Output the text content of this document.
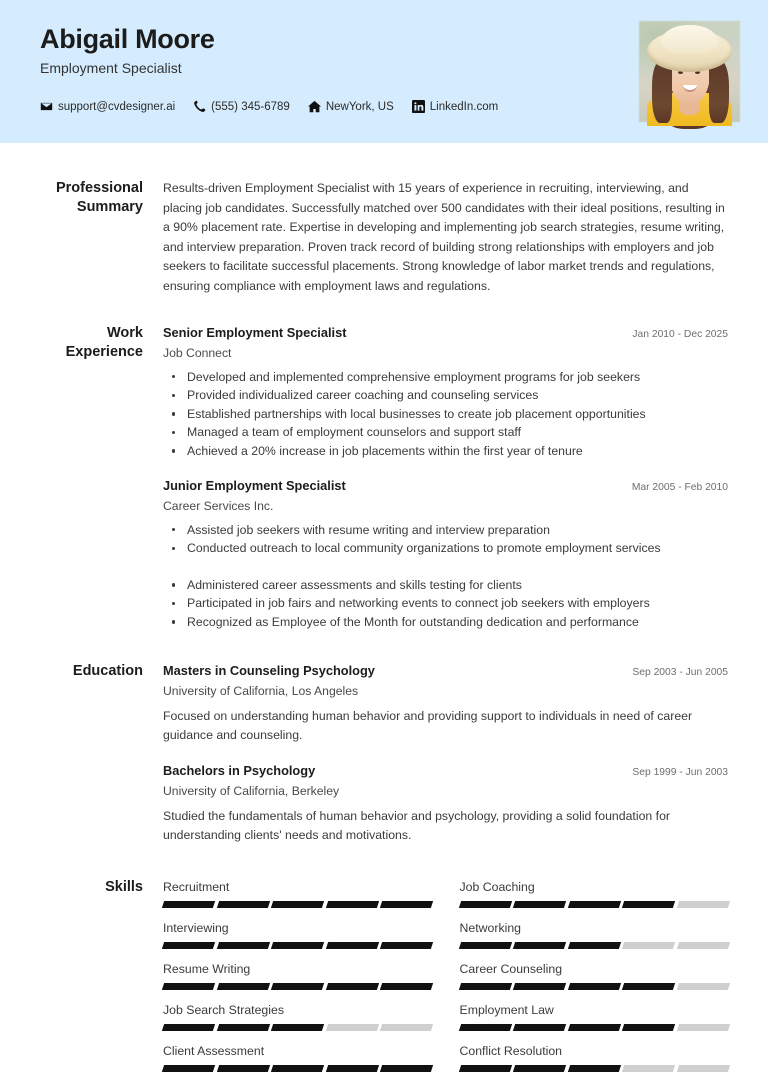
Abigail Moore
Employment Specialist
support@cvdesigner.ai	(555) 345-6789	NewYork, US	LinkedIn.com
Professional Summary
Results-driven Employment Specialist with 15 years of experience in recruiting, interviewing, and placing job candidates. Successfully matched over 500 candidates with their ideal positions, resulting in a 90% placement rate. Expertise in developing and implementing job search strategies, resume writing, and interview preparation. Proven track record of building strong relationships with employers and job seekers to facilitate successful placements. Strong knowledge of labor market trends and regulations, ensuring compliance with employment laws and regulations.
Work Experience
Senior Employment Specialist	Jan 2010 - Dec 2025
Job Connect
Developed and implemented comprehensive employment programs for job seekers
Provided individualized career coaching and counseling services
Established partnerships with local businesses to create job placement opportunities
Managed a team of employment counselors and support staff
Achieved a 20% increase in job placements within the first year of tenure
Junior Employment Specialist	Mar 2005 - Feb 2010
Career Services Inc.
Assisted job seekers with resume writing and interview preparation
Conducted outreach to local community organizations to promote employment services
Administered career assessments and skills testing for clients
Participated in job fairs and networking events to connect job seekers with employers
Recognized as Employee of the Month for outstanding dedication and performance
Education	Masters in Counseling Psychology	Sep 2003 - Jun 2005
University of California, Los Angeles
Focused on understanding human behavior and providing support to individuals in need of career guidance and counseling.
Bachelors in Psychology	Sep 1999 - Jun 2003
University of California, Berkeley
Studied the fundamentals of human behavior and psychology, providing a solid foundation for understanding clients' needs and motivations.
Skills	Recruitment	Job Coaching
Interviewing	Networking
Resume Writing	Career Counseling
Job Search Strategies	Employment Law
Client Assessment	Conflict Resolution
